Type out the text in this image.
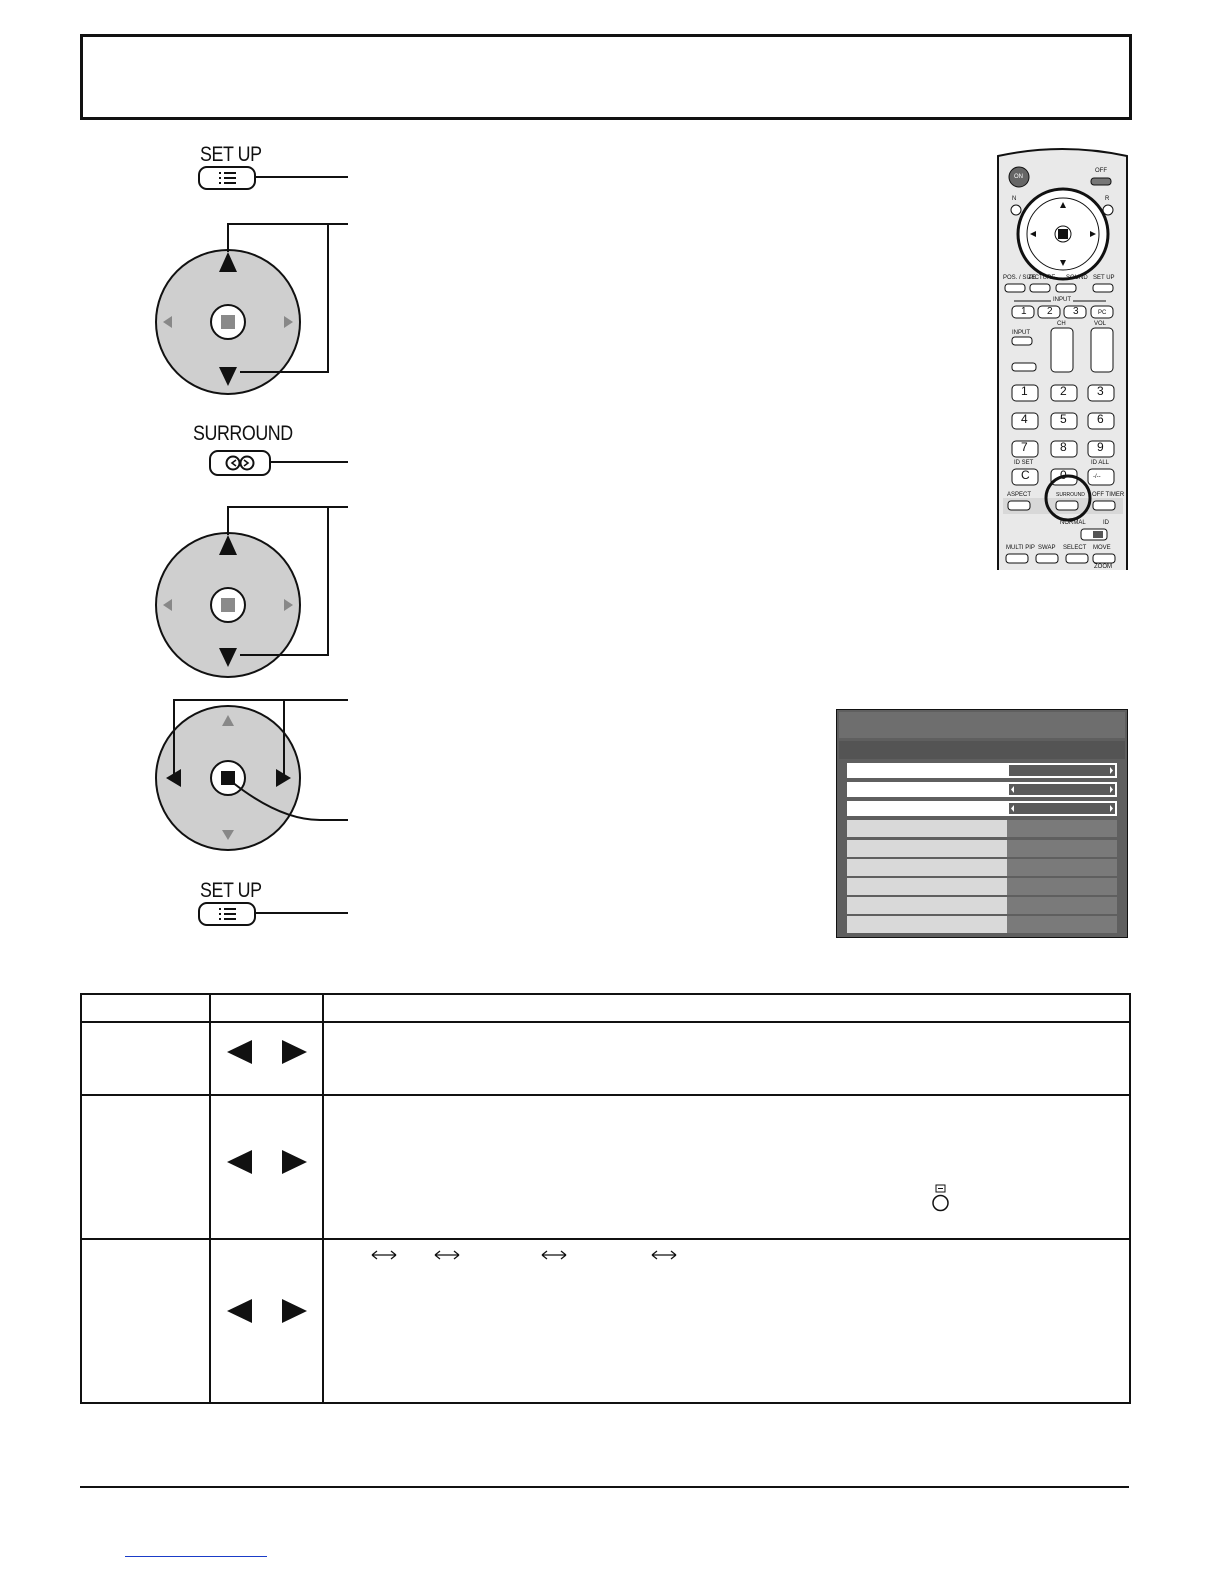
SET UP
SURROUND
SET UP
ON
OFF
N	R
POS. / SIZE
PICTURE SOUND SET UP
INPUT
1 2 3	PC
INPUT
CH	VOL
1	2	3
4	5	6
7	8	9
ID SET	ID ALL
C	0	-/--
ASPECT	SURROUND OFF TIMER
NORMAL	ID
MULTI PIP SWAP SELECT MOVE
ZOOM
